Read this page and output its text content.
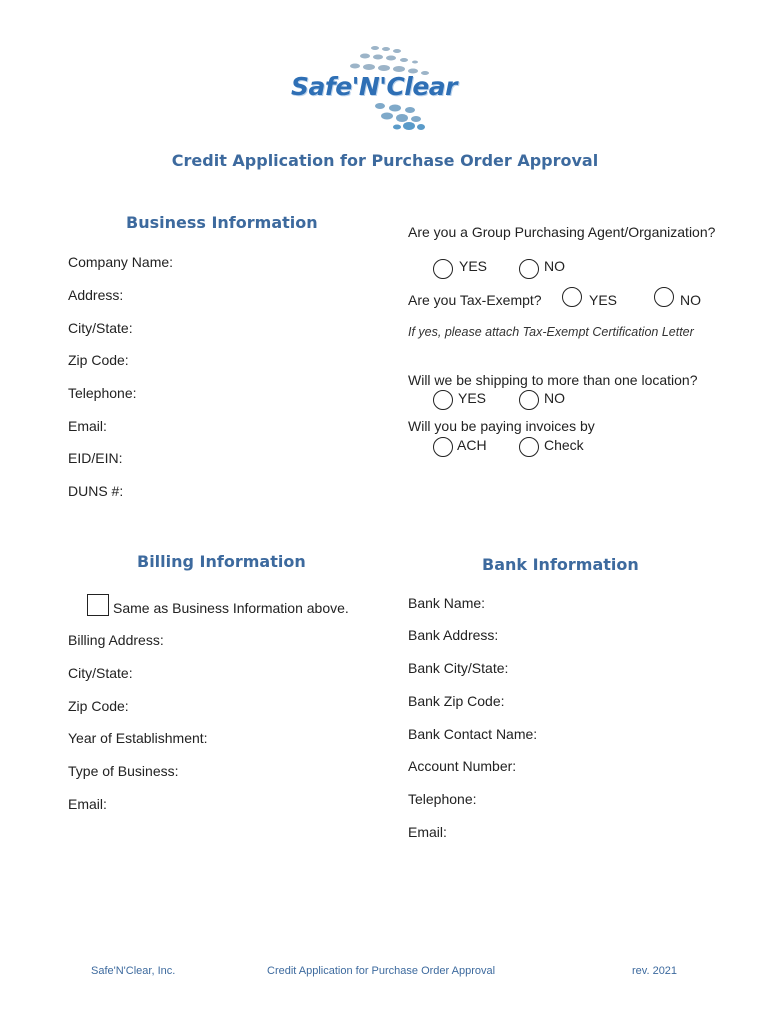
Safe'N'Clear
Credit Application for Purchase Order Approval
Business Information
Company Name:
Address:
City/State:
Zip Code:
Telephone:
Email:
EID/EIN:
DUNS #:
Are you a Group Purchasing Agent/Organization?
YES	NO
Are you Tax-Exempt?	YES	NO
If yes, please attach Tax-Exempt Certification Letter
Will we be shipping to more than one location?
YES	NO
Will you be paying invoices by
ACH	Check
Billing Information
Same as Business Information above.
Billing Address:
City/State:
Zip Code:
Year of Establishment:
Type of Business:
Email:
Bank Information
Bank Name:
Bank Address:
Bank City/State:
Bank Zip Code:
Bank Contact Name:
Account Number:
Telephone:
Email:
Safe'N'Clear, Inc.	Credit Application for Purchase Order Approval	rev. 2021
